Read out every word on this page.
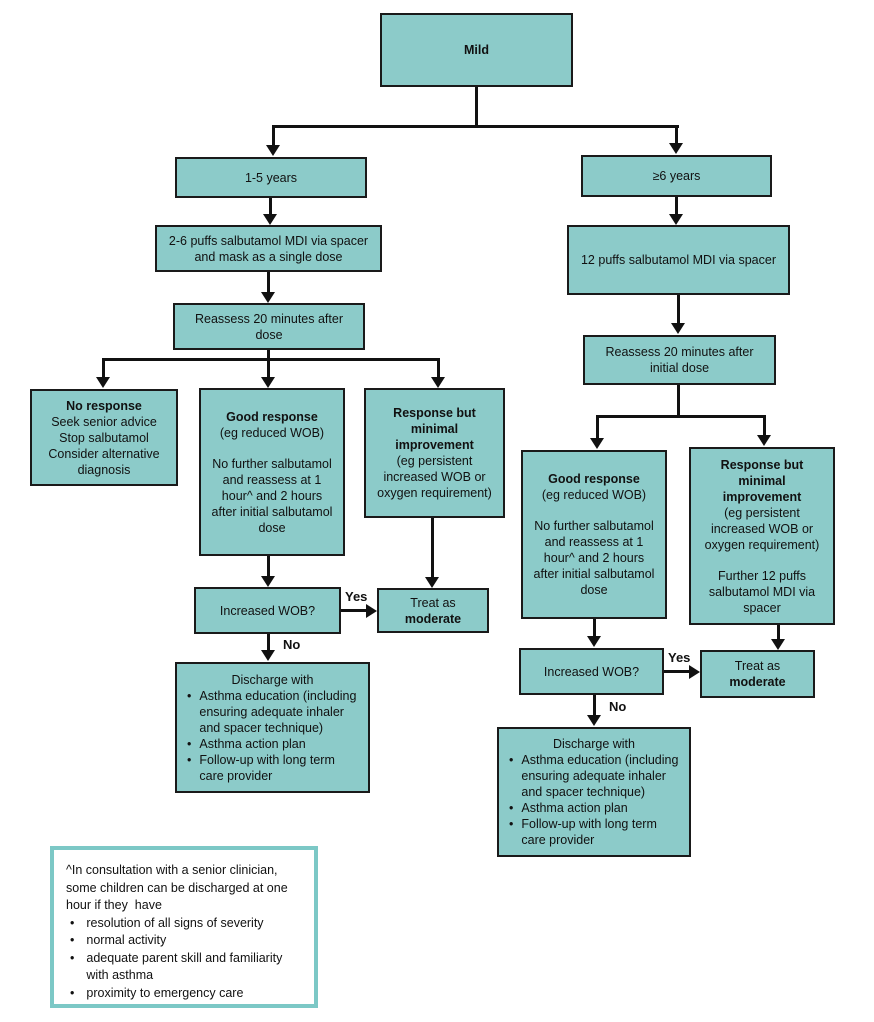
Mild
1-5 years
2-6 puffs salbutamol MDI via spacer and mask as a single dose
Reassess 20 minutes after dose
No response
Seek senior advice
Stop salbutamol
Consider alternative diagnosis
Good response
(eg reduced WOB)
No further salbutamol and reassess at 1 hour^ and 2 hours after initial salbutamol dose
Response but minimal improvement
(eg persistent increased WOB or oxygen requirement)
Increased WOB?
Yes	Treat as
moderate
No
Discharge with
• Asthma education (including ensuring adequate inhaler and spacer technique)
• Asthma action plan
• Follow-up with long term care provider
≥6 years
12 puffs salbutamol MDI via spacer
Reassess 20 minutes after initial dose
Good response
(eg reduced WOB)
No further salbutamol and reassess at 1 hour^ and 2 hours after initial salbutamol dose
Response but minimal improvement
(eg persistent increased WOB or oxygen requirement)
Further 12 puffs salbutamol MDI via spacer
Increased WOB?
Yes
Treat as
moderate
No
Discharge with
• Asthma education (including ensuring adequate inhaler and spacer technique)
• Asthma action plan
• Follow-up with long term care provider
^In consultation with a senior clinician, some children can be discharged at one hour if they  have
• resolution of all signs of severity
• normal activity
• adequate parent skill and familiarity with asthma
• proximity to emergency care
